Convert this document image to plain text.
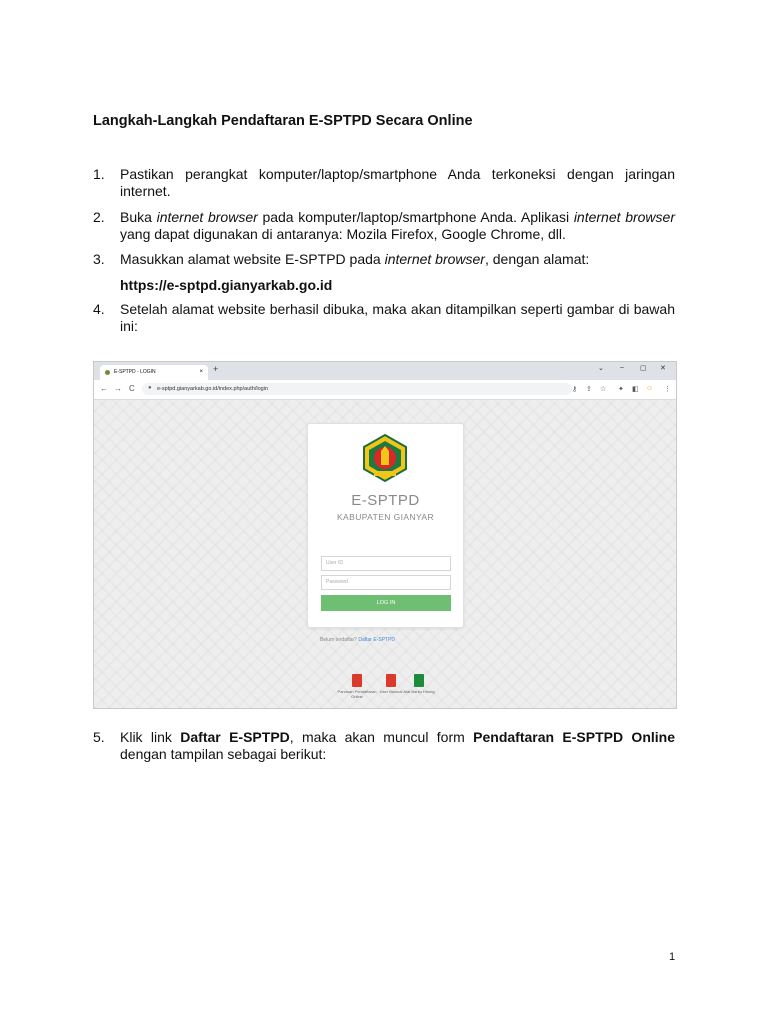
Langkah-Langkah Pendaftaran E-SPTPD Secara Online
1. Pastikan perangkat komputer/laptop/smartphone Anda terkoneksi dengan jaringan internet.
2. Buka internet browser pada komputer/laptop/smartphone Anda. Aplikasi internet browser yang dapat digunakan di antaranya: Mozila Firefox, Google Chrome, dll.
3. Masukkan alamat website E-SPTPD pada internet browser, dengan alamat:
https://e-sptpd.gianyarkab.go.id
4. Setelah alamat website berhasil dibuka, maka akan ditampilkan seperti gambar di bawah ini:
E-SPTPD - LOGIN	× +	⌄ – ▢ ✕
← → C ● e-sptpd.gianyarkab.go.id/index.php/auth/login	⚷ ⇪ ☆ ✦ ◧ ☺ ⋮
E-SPTPD
KABUPATEN GIANYAR
User ID
Password
LOG IN
Belum terdaftar? Daftar E-SPTPD
Panduan Pendaftaran Online
User Manual Alat Bantu Hitung
5. Klik link Daftar E-SPTPD, maka akan muncul form Pendaftaran E-SPTPD Online dengan tampilan sebagai berikut:
1
